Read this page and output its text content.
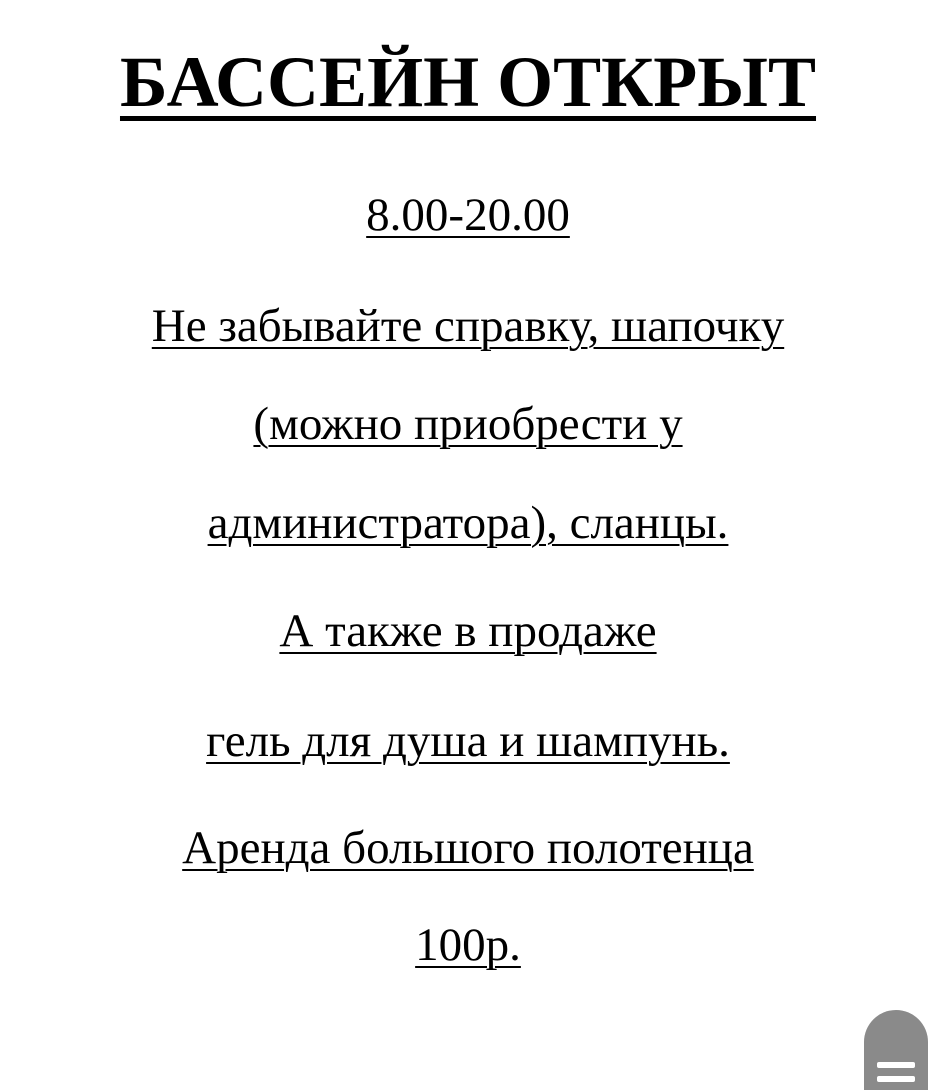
БАССЕЙН ОТКРЫТ
8.00-20.00
Не забывайте справку, шапочку
(можно приобрести у
администратора), сланцы.
А также в продаже
гель для душа и шампунь.
Аренда большого полотенца
100р.
